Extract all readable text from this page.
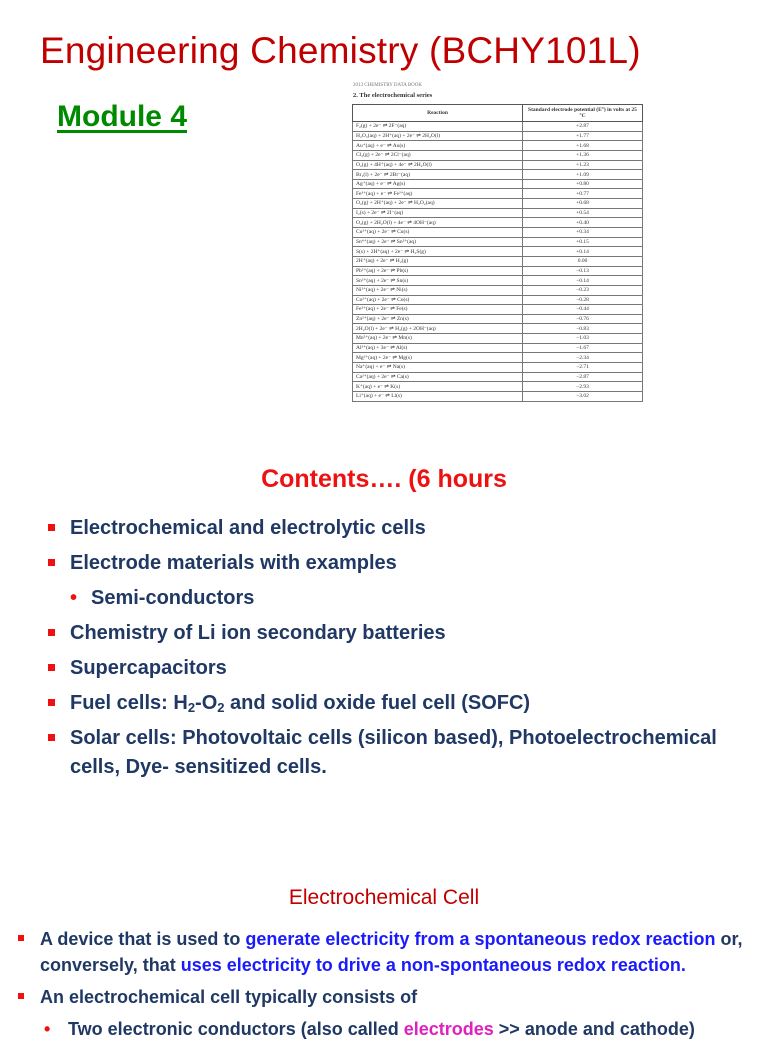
Engineering Chemistry (BCHY101L)
Module 4
2013 CHEMISTRY DATA BOOK
2. The electrochemical series
Reaction	Standard electrode potential (E°) in volts at 25 °C
F₂(g) + 2e⁻ ⇌ 2F⁻(aq)	+2.87
H₂O₂(aq) + 2H⁺(aq) + 2e⁻ ⇌ 2H₂O(l)	+1.77
Au⁺(aq) + e⁻ ⇌ Au(s)	+1.68
Cl₂(g) + 2e⁻ ⇌ 2Cl⁻(aq)	+1.36
O₂(g) + 4H⁺(aq) + 4e⁻ ⇌ 2H₂O(l)	+1.23
Br₂(l) + 2e⁻ ⇌ 2Br⁻(aq)	+1.09
Ag⁺(aq) + e⁻ ⇌ Ag(s)	+0.80
Fe³⁺(aq) + e⁻ ⇌ Fe²⁺(aq)	+0.77
O₂(g) + 2H⁺(aq) + 2e⁻ ⇌ H₂O₂(aq)	+0.68
I₂(s) + 2e⁻ ⇌ 2I⁻(aq)	+0.54
O₂(g) + 2H₂O(l) + 4e⁻ ⇌ 4OH⁻(aq)	+0.40
Cu²⁺(aq) + 2e⁻ ⇌ Cu(s)	+0.34
Sn⁴⁺(aq) + 2e⁻ ⇌ Sn²⁺(aq)	+0.15
S(s) + 2H⁺(aq) + 2e⁻ ⇌ H₂S(g)	+0.14
2H⁺(aq) + 2e⁻ ⇌ H₂(g)	0.00
Pb²⁺(aq) + 2e⁻ ⇌ Pb(s)	−0.13
Sn²⁺(aq) + 2e⁻ ⇌ Sn(s)	−0.14
Ni²⁺(aq) + 2e⁻ ⇌ Ni(s)	−0.23
Co²⁺(aq) + 2e⁻ ⇌ Co(s)	−0.28
Fe²⁺(aq) + 2e⁻ ⇌ Fe(s)	−0.44
Zn²⁺(aq) + 2e⁻ ⇌ Zn(s)	−0.76
2H₂O(l) + 2e⁻ ⇌ H₂(g) + 2OH⁻(aq)	−0.83
Mn²⁺(aq) + 2e⁻ ⇌ Mn(s)	−1.03
Al³⁺(aq) + 3e⁻ ⇌ Al(s)	−1.67
Mg²⁺(aq) + 2e⁻ ⇌ Mg(s)	−2.34
Na⁺(aq) + e⁻ ⇌ Na(s)	−2.71
Ca²⁺(aq) + 2e⁻ ⇌ Ca(s)	−2.87
K⁺(aq) + e⁻ ⇌ K(s)	−2.93
Li⁺(aq) + e⁻ ⇌ Li(s)	−3.02
Contents…. (6 hours
Electrochemical and electrolytic cells
Electrode materials with examples
• Semi-conductors
Chemistry of Li ion secondary batteries
Supercapacitors
Fuel cells: $H_2-O_2$ and solid oxide fuel cell (SOFC)
Solar cells: Photovoltaic cells (silicon based), Photoelectrochemical cells, Dye- sensitized cells.
Electrochemical Cell
A device that is used to generate electricity from a spontaneous redox reaction or, conversely, that uses electricity to drive a non-spontaneous redox reaction.
An electrochemical cell typically consists of
• Two electronic conductors (also called electrodes >> anode and cathode)
